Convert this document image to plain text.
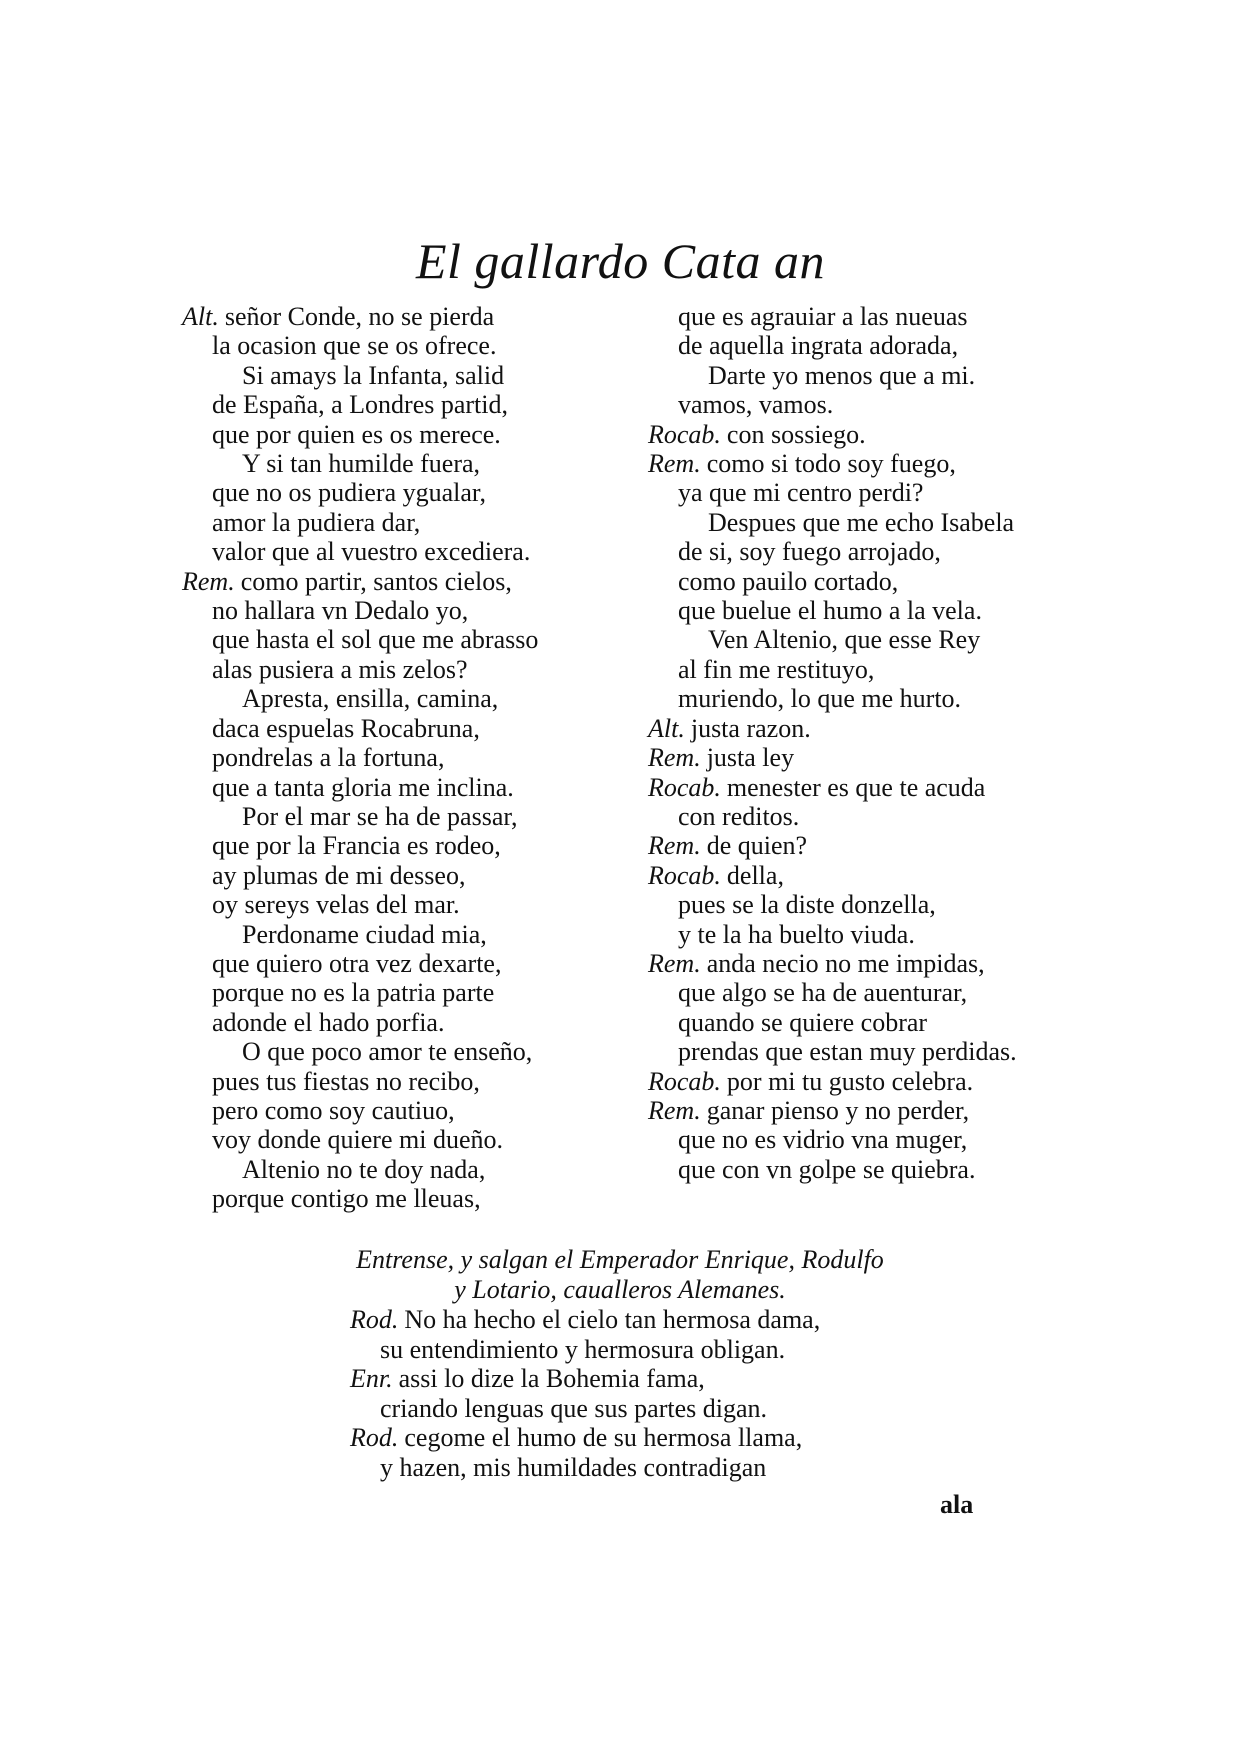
El gallardo Cata an
Alt. señor Conde, no se pierda
la ocasion que se os ofrece.
Si amays la Infanta, salid
de España, a Londres partid,
que por quien es os merece.
Y si tan humilde fuera,
que no os pudiera ygualar,
amor la pudiera dar,
valor que al vuestro excediera.
Rem. como partir, santos cielos,
no hallara vn Dedalo yo,
que hasta el sol que me abrasso
alas pusiera a mis zelos?
Apresta, ensilla, camina,
daca espuelas Rocabruna,
pondrelas a la fortuna,
que a tanta gloria me inclina.
Por el mar se ha de passar,
que por la Francia es rodeo,
ay plumas de mi desseo,
oy sereys velas del mar.
Perdoname ciudad mia,
que quiero otra vez dexarte,
porque no es la patria parte
adonde el hado porfia.
O que poco amor te enseño,
pues tus fiestas no recibo,
pero como soy cautiuo,
voy donde quiere mi dueño.
Altenio no te doy nada,
porque contigo me lleuas,
que es agrauiar a las nueuas
de aquella ingrata adorada,
Darte yo menos que a mi.
vamos, vamos.
Rocab. con sossiego.
Rem. como si todo soy fuego,
ya que mi centro perdi?
Despues que me echo Isabela
de si, soy fuego arrojado,
como pauilo cortado,
que buelue el humo a la vela.
Ven Altenio, que esse Rey
al fin me restituyo,
muriendo, lo que me hurto.
Alt. justa razon.
Rem. justa ley
Rocab. menester es que te acuda
con reditos.
Rem. de quien?
Rocab. della,
pues se la diste donzella,
y te la ha buelto viuda.
Rem. anda necio no me impidas,
que algo se ha de auenturar,
quando se quiere cobrar
prendas que estan muy perdidas.
Rocab. por mi tu gusto celebra.
Rem. ganar pienso y no perder,
que no es vidrio vna muger,
que con vn golpe se quiebra.
Entrense, y salgan el Emperador Enrique, Rodulfo
y Lotario, caualleros Alemanes.
Rod. No ha hecho el cielo tan hermosa dama,
su entendimiento y hermosura obligan.
Enr. assi lo dize la Bohemia fama,
criando lenguas que sus partes digan.
Rod. cegome el humo de su hermosa llama,
y hazen, mis humildades contradigan
ala
